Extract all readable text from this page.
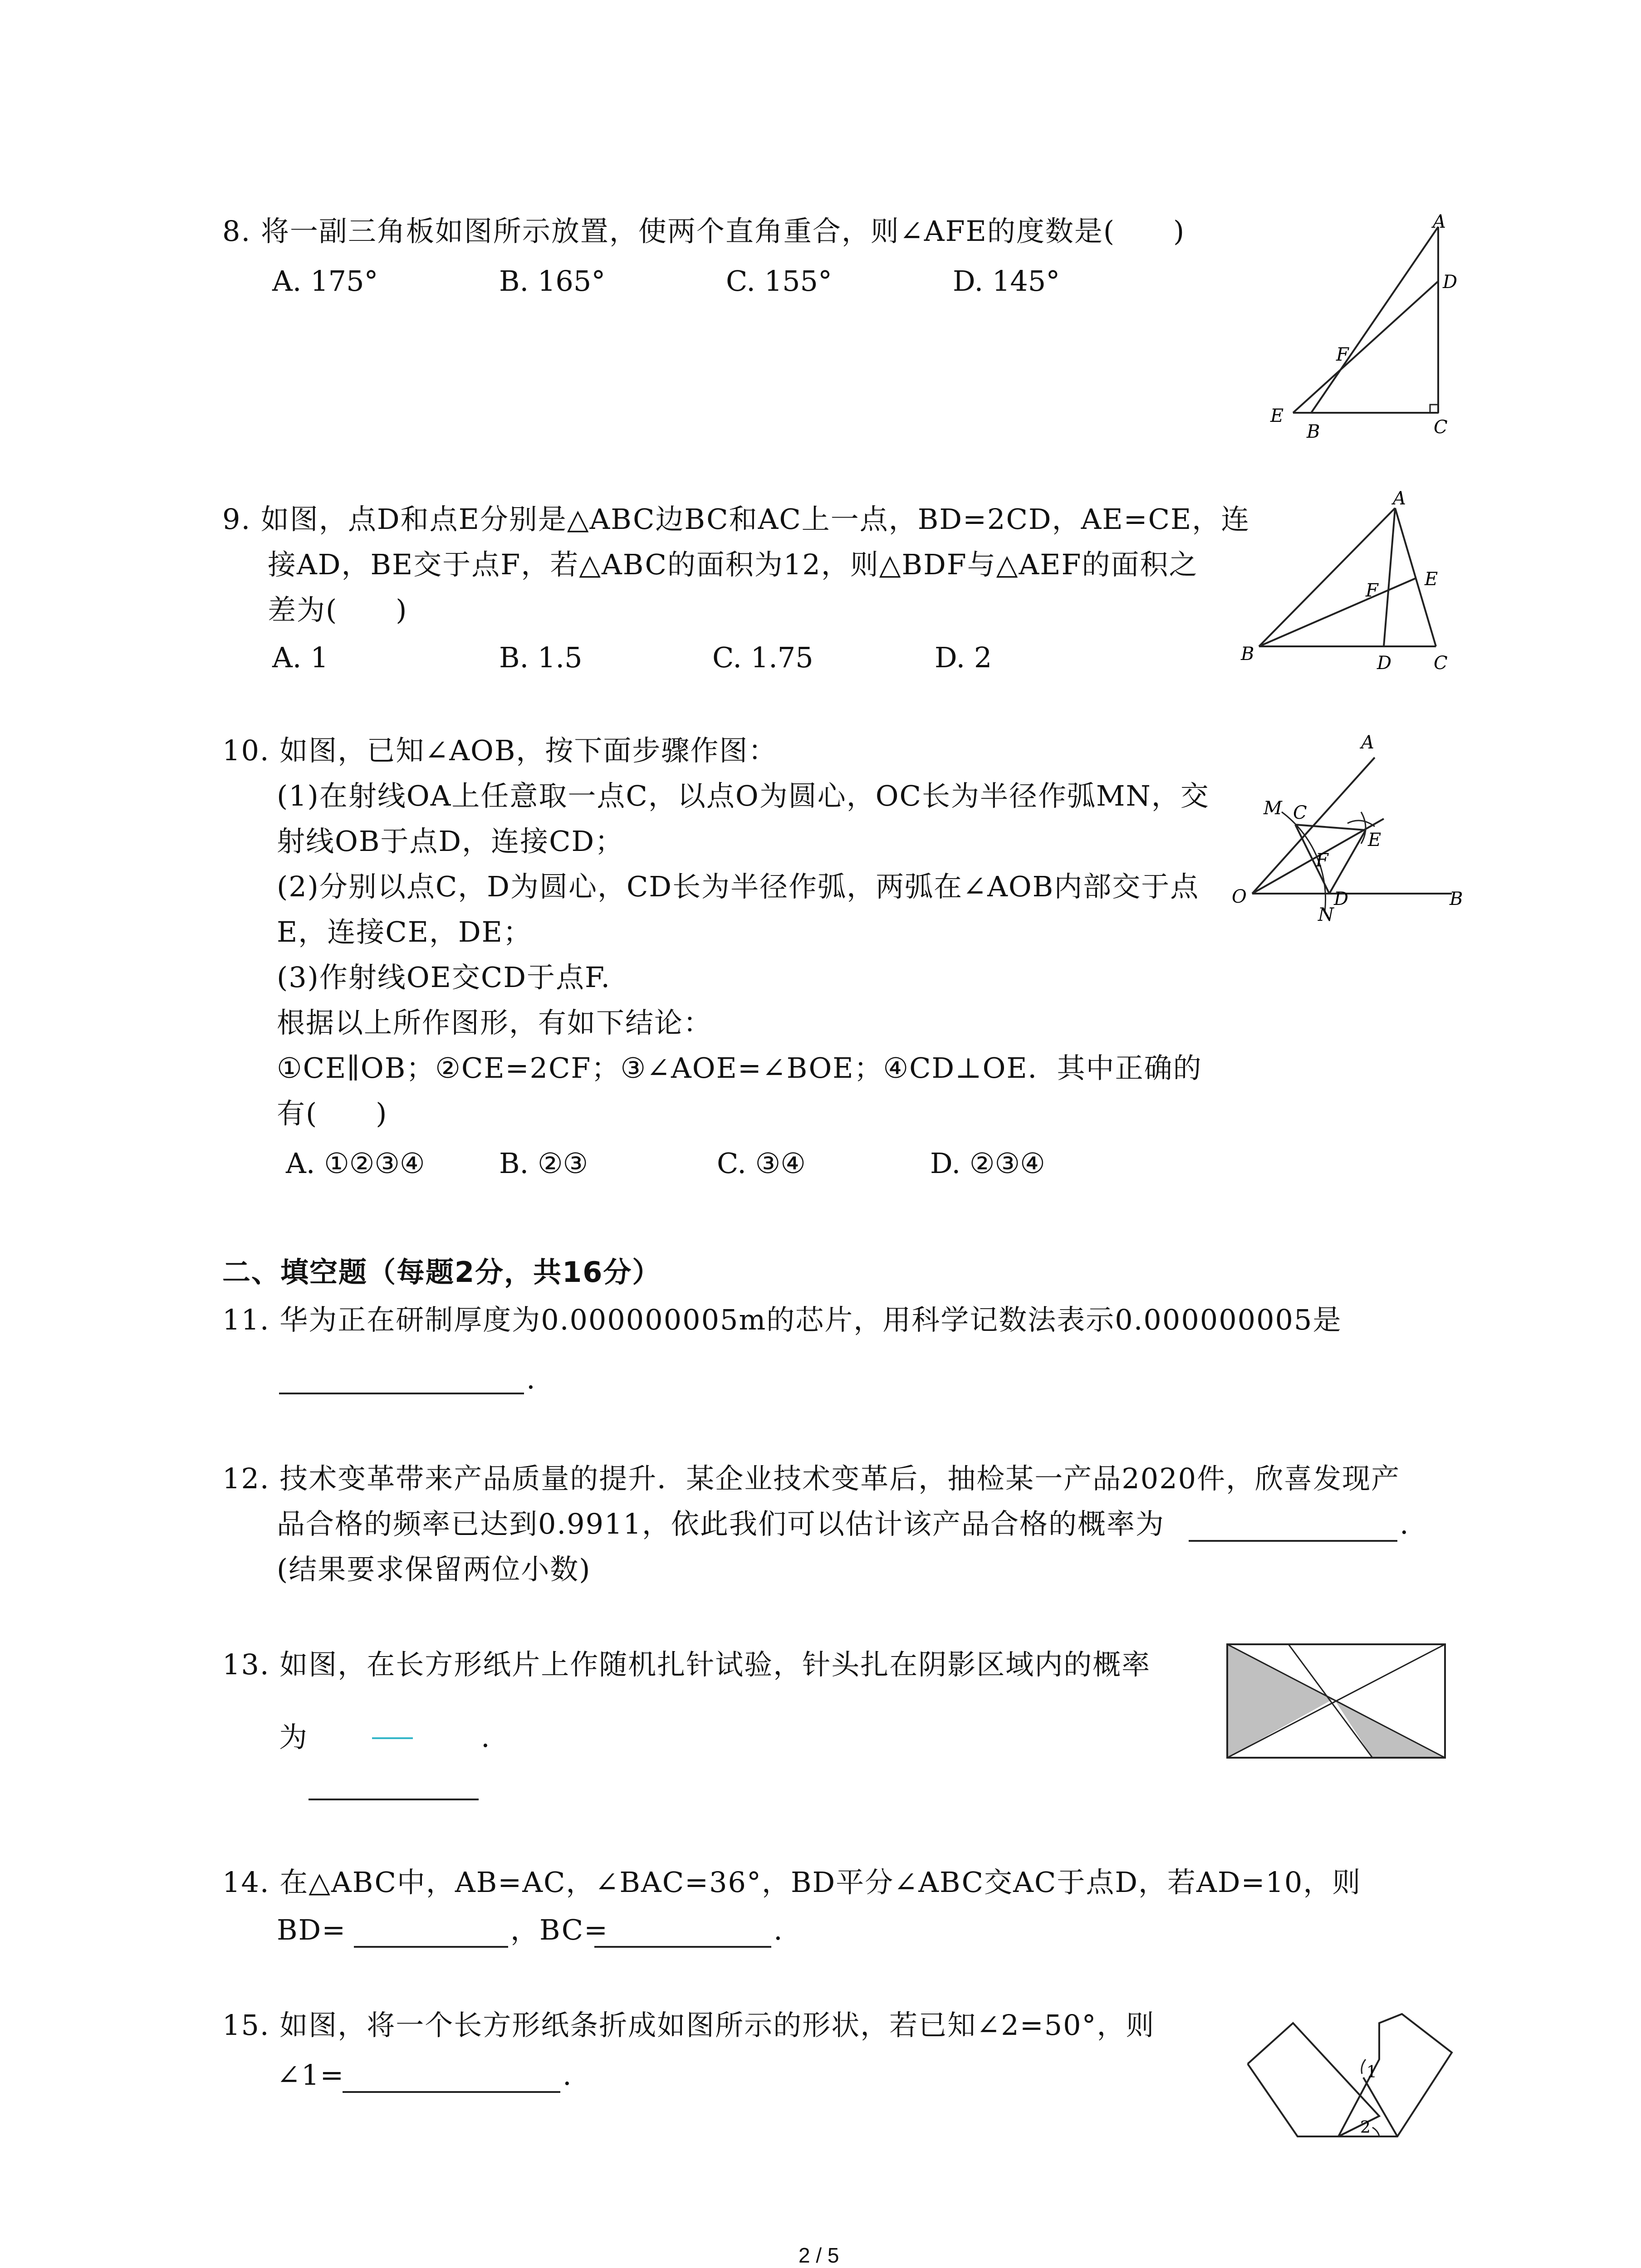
8. 将一副三角板如图所示放置，使两个直角重合，则∠AFE的度数是(　　)
A. 175°	B. 165°	C. 155°	D. 145°
A
D
F
E
B	C
9. 如图，点D和点E分别是△ABC边BC和AC上一点，BD=2CD，AE=CE，连
接AD，BE交于点F，若△ABC的面积为12，则△BDF与△AEF的面积之
差为(　　)
A. 1	B. 1.5	C. 1.75	D. 2
A
E
F
B	D C
10. 如图，已知∠AOB，按下面步骤作图：
(1)在射线OA上任意取一点C，以点O为圆心，OC长为半径作弧MN，交
射线OB于点D，连接CD；
(2)分别以点C，D为圆心，CD长为半径作弧，两弧在∠AOB内部交于点
E，连接CE，DE；
(3)作射线OE交CD于点F.
根据以上所作图形，有如下结论：
①CE∥OB；②CE=2CF；③∠AOE=∠BOE；④CD⊥OE．其中正确的
有(　　)
A. ①②③④	B. ②③	C. ③④	D. ②③④
A
M C
E
F
O	D	B
N
二、填空题（每题2分，共16分）
11. 华为正在研制厚度为0.000000005m的芯片，用科学记数法表示0.000000005是
.
12. 技术变革带来产品质量的提升．某企业技术变革后，抽检某一产品2020件，欣喜发现产
品合格的频率已达到0.9911，依此我们可以估计该产品合格的概率为	.
(结果要求保留两位小数)
13. 如图，在长方形纸片上作随机扎针试验，针头扎在阴影区域内的概率
为	.
14. 在△ABC中，AB=AC，∠BAC=36°，BD平分∠ABC交AC于点D，若AD=10，则
BD=	，BC=	.
15. 如图，将一个长方形纸条折成如图所示的形状，若已知∠2=50°，则
∠1=	.	1
2
2 / 5
